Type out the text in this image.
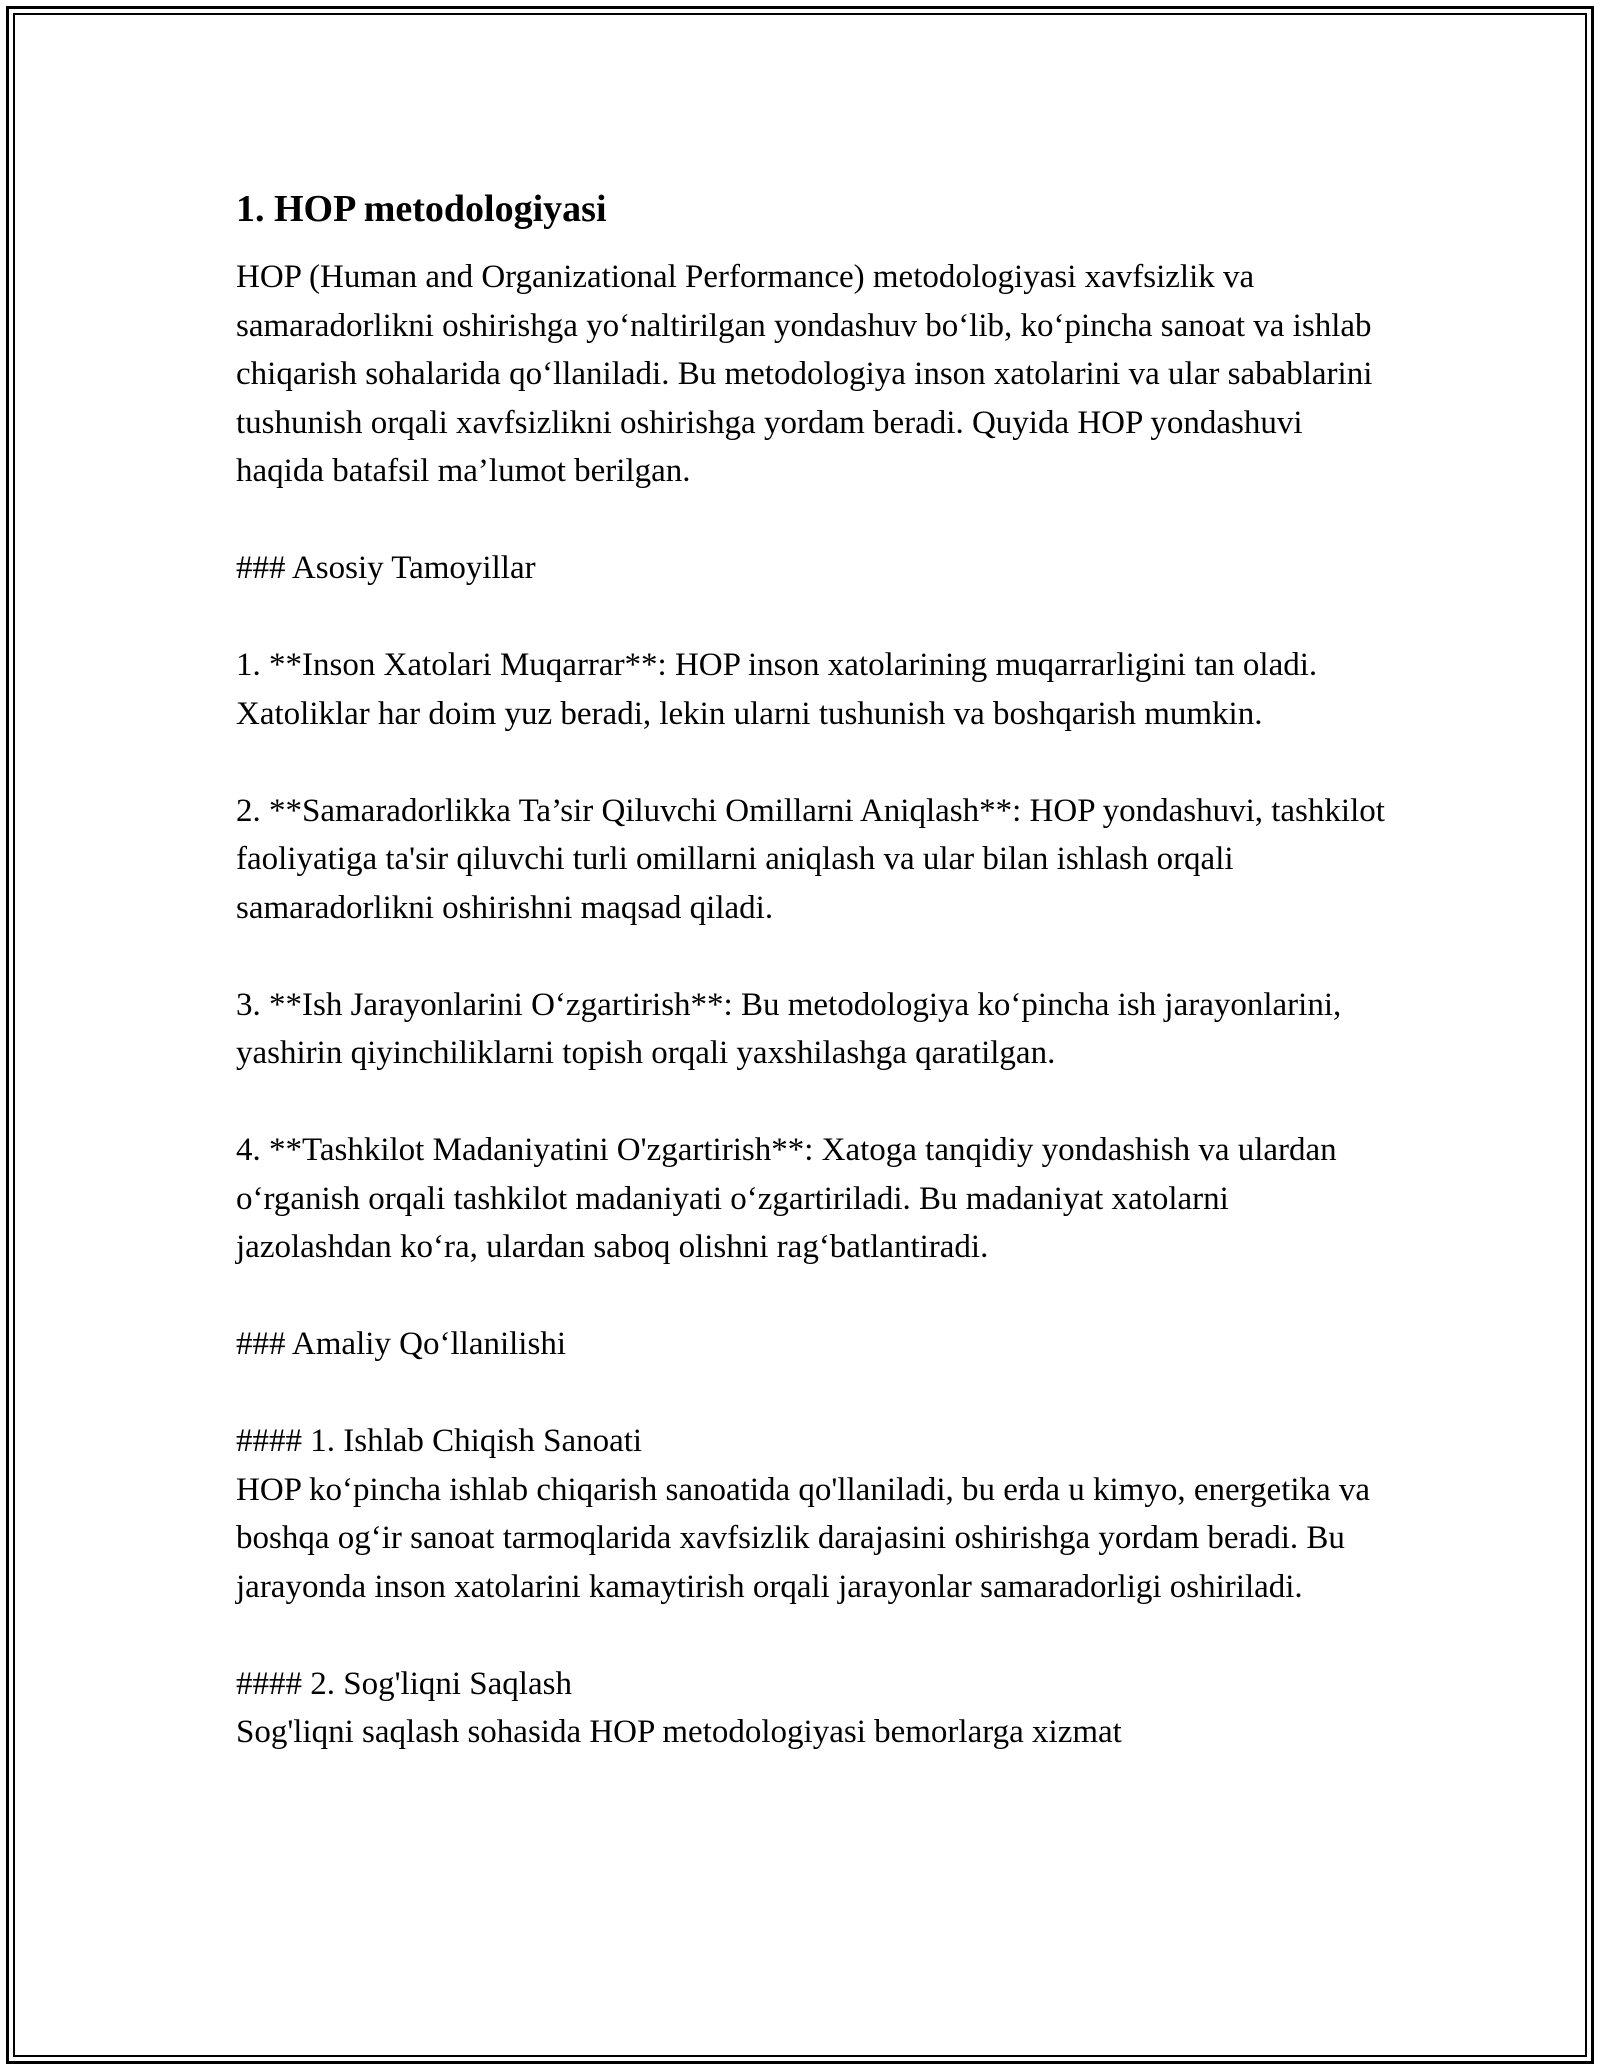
1. HOP metodologiyasi
HOP (Human and Organizational Performance) metodologiyasi xavfsizlik va samaradorlikni oshirishga yo‘naltirilgan yondashuv bo‘lib, ko‘pincha sanoat va ishlab chiqarish sohalarida qo‘llaniladi. Bu metodologiya inson xatolarini va ular sabablarini tushunish orqali xavfsizlikni oshirishga yordam beradi. Quyida HOP yondashuvi haqida batafsil ma’lumot berilgan.
### Asosiy Tamoyillar
1. **Inson Xatolari Muqarrar**: HOP inson xatolarining muqarrarligini tan oladi. Xatoliklar har doim yuz beradi, lekin ularni tushunish va boshqarish mumkin.
2. **Samaradorlikka Ta’sir Qiluvchi Omillarni Aniqlash**: HOP yondashuvi, tashkilot faoliyatiga ta'sir qiluvchi turli omillarni aniqlash va ular bilan ishlash orqali samaradorlikni oshirishni maqsad qiladi.
3. **Ish Jarayonlarini O‘zgartirish**: Bu metodologiya ko‘pincha ish jarayonlarini, yashirin qiyinchiliklarni topish orqali yaxshilashga qaratilgan.
4. **Tashkilot Madaniyatini O'zgartirish**: Xatoga tanqidiy yondashish va ulardan o‘rganish orqali tashkilot madaniyati o‘zgartiriladi. Bu madaniyat xatolarni jazolashdan ko‘ra, ulardan saboq olishni rag‘batlantiradi.
### Amaliy Qo‘llanilishi
#### 1. Ishlab Chiqish Sanoati
HOP ko‘pincha ishlab chiqarish sanoatida qo'llaniladi, bu erda u kimyo, energetika va boshqa og‘ir sanoat tarmoqlarida xavfsizlik darajasini oshirishga yordam beradi. Bu jarayonda inson xatolarini kamaytirish orqali jarayonlar samaradorligi oshiriladi.
#### 2. Sog'liqni Saqlash
Sog'liqni saqlash sohasida HOP metodologiyasi bemorlarga xizmat
